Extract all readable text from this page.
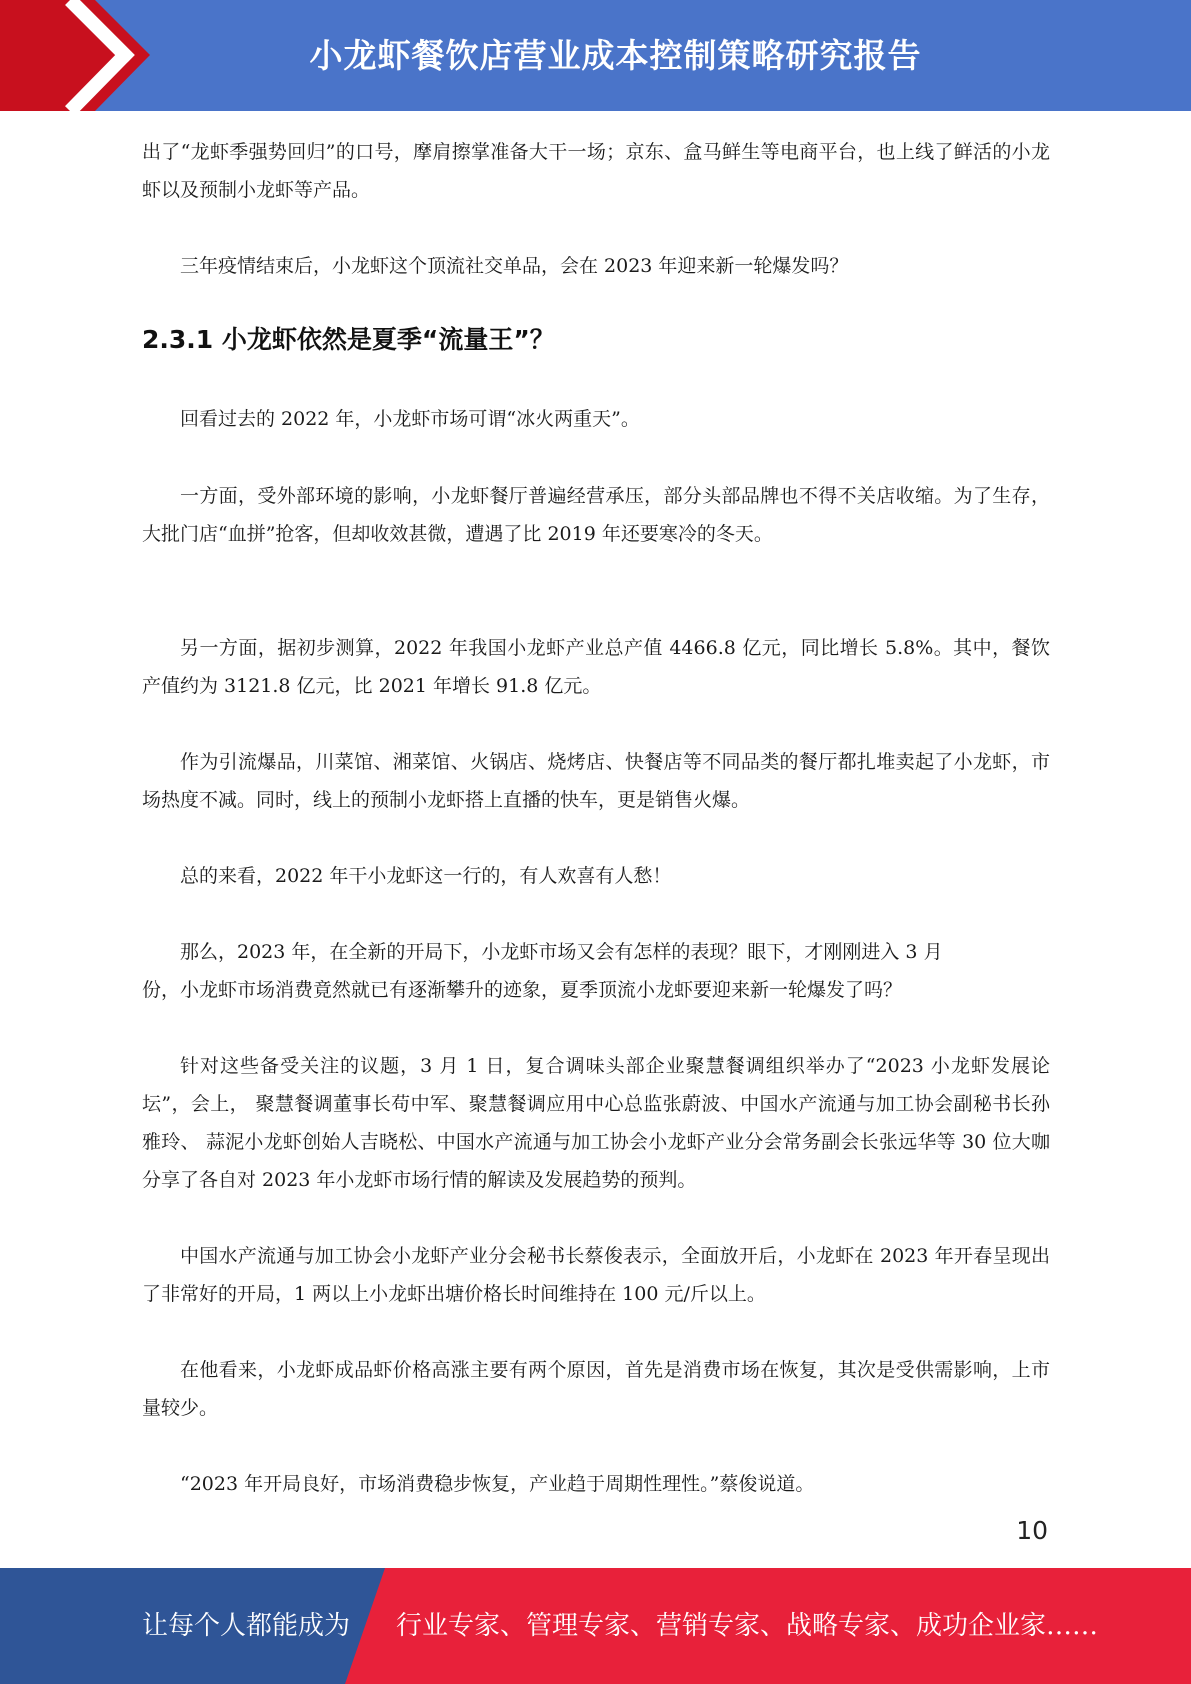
小龙虾餐饮店营业成本控制策略研究报告

出了“龙虾季强势回归”的口号，摩肩擦掌准备大干一场；京东、盒马鲜生等电商平台，也上线了鲜活的小龙虾以及预制小龙虾等产品。

三年疫情结束后，小龙虾这个顶流社交单品，会在 2023 年迎来新一轮爆发吗？

2.3.1 小龙虾依然是夏季“流量王”？

回看过去的 2022 年，小龙虾市场可谓“冰火两重天”。

一方面，受外部环境的影响，小龙虾餐厅普遍经营承压，部分头部品牌也不得不关店收缩。为了生存，大批门店“血拼”抢客，但却收效甚微，遭遇了比 2019 年还要寒冷的冬天。

另一方面，据初步测算，2022 年我国小龙虾产业总产值 4466.8 亿元，同比增长 5.8%。其中，餐饮产值约为 3121.8 亿元，比 2021 年增长 91.8 亿元。

作为引流爆品，川菜馆、湘菜馆、火锅店、烧烤店、快餐店等不同品类的餐厅都扎堆卖起了小龙虾，市场热度不减。同时，线上的预制小龙虾搭上直播的快车，更是销售火爆。

总的来看，2022 年干小龙虾这一行的，有人欢喜有人愁！

那么，2023 年，在全新的开局下，小龙虾市场又会有怎样的表现？眼下，才刚刚进入 3 月

份，小龙虾市场消费竟然就已有逐渐攀升的迹象，夏季顶流小龙虾要迎来新一轮爆发了吗？

针对这些备受关注的议题，3 月 1 日，复合调味头部企业聚慧餐调组织举办了“2023 小龙虾发展论坛”，会上， 聚慧餐调董事长苟中军、聚慧餐调应用中心总监张蔚波、中国水产流通与加工协会副秘书长孙雅玲、 蒜泥小龙虾创始人吉晓松、中国水产流通与加工协会小龙虾产业分会常务副会长张远华等 30 位大咖分享了各自对 2023 年小龙虾市场行情的解读及发展趋势的预判。

中国水产流通与加工协会小龙虾产业分会秘书长蔡俊表示，全面放开后，小龙虾在 2023 年开春呈现出了非常好的开局，1 两以上小龙虾出塘价格长时间维持在 100 元/斤以上。

在他看来，小龙虾成品虾价格高涨主要有两个原因，首先是消费市场在恢复，其次是受供需影响，上市量较少。

“2023 年开局良好，市场消费稳步恢复，产业趋于周期性理性。”蔡俊说道。

10
让每个人都能成为 行业专家、管理专家、营销专家、战略专家、成功企业家……
